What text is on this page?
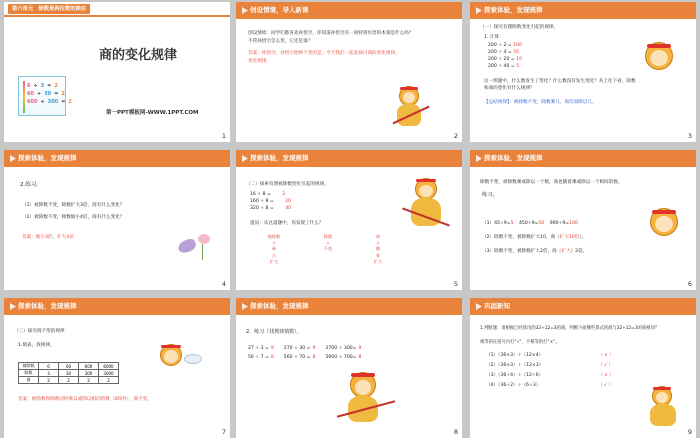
第六单元　除数是两位数的除法
商的变化规律
6 ÷ 3 = 2
60 ÷ 30 = 2
600 ÷ 300 = 2
第一PPT模板网-WWW.1PPT.COM
1
创设情境，导入新课
创设情境：同学们都喜欢孙悟空，你知道孙悟空有一项特别厉害的本领是什么吗？
不管孙悟空怎么变，它还是谁？
答案：孙悟空。孙悟空始终不变的是，今天我们一起来探讨商的变化规律。
变化规律。
2
探索体验，发现规律
（一）探究有理除数变化引起的规律。
1. 计算：
200 ÷ 2 = 100
200 ÷ 4 = 50
200 ÷ 20 = 10
200 ÷ 40 = 5
这一组题中，什么数发生了变化？什么数没有发生变化？从上往下看，除数
和商的变化有什么规律？
【总结规律】：被除数不变，除数乘几，商反而除以几。
3
探索体验，发现规律
2.练习。
（1）被除数不变，除数扩大3倍，商有什么变化？
（2）被除数不变，除数缩小4倍，商有什么变化？
答案：缩小3倍，扩大4倍
4
探索体验，发现规律
（二）探索有理被除数变化引起的规律。
16 ÷ 8 = 2
160 ÷ 8 = 20
320 ÷ 8 = 40
提问：从这道题中，你发现了什么？
被除数
↓
乘
几
扩大
除数
↓
不变
商
↓
随
着
扩大
5
探索体验，发现规律
除数不变，被除数乘或除以一个数，商也随着乘或除以一个相同的数。
练习。
（1）45÷9=5 450÷9=50 900÷9=100
（2）除数不变，被除数扩大10，商（扩大10倍）。
（3）除数不变，被除数扩大2倍，商（扩大）2倍。
6
探索体验，发现规律
（三）探究商不变的规律
1.填表，找规律。
被除数	6	60	600	6000
除数	3	30	300	3000
商	2	2	2	2
答案：被除数和除数同时乘以或除以相同的数（0除外），商不变。
7
探索体验，发现规律
2．练习（找规律填数）。
27 ÷ 3 = 9 270 ÷ 30 = 9 2700 ÷ 300= 9
56 ÷ 7 = 8 560 ÷ 70 = 8 5600 ÷ 700= 8
8
巩固新知
1.判断题：请根据已经算出的32÷12=3的商，判断下面哪些算式的商与32÷12=3的商相同？
相等的在括号内打“√”，不相等的打“×”。
（1）（36×3）÷（12×4）	（ × ）
（2）（36×3）÷（12×3）	（ √ ）
（3）（36÷4）÷（12÷6）	（ × ）
（4）（36÷2）÷（6÷3）	（ √ ）
9
